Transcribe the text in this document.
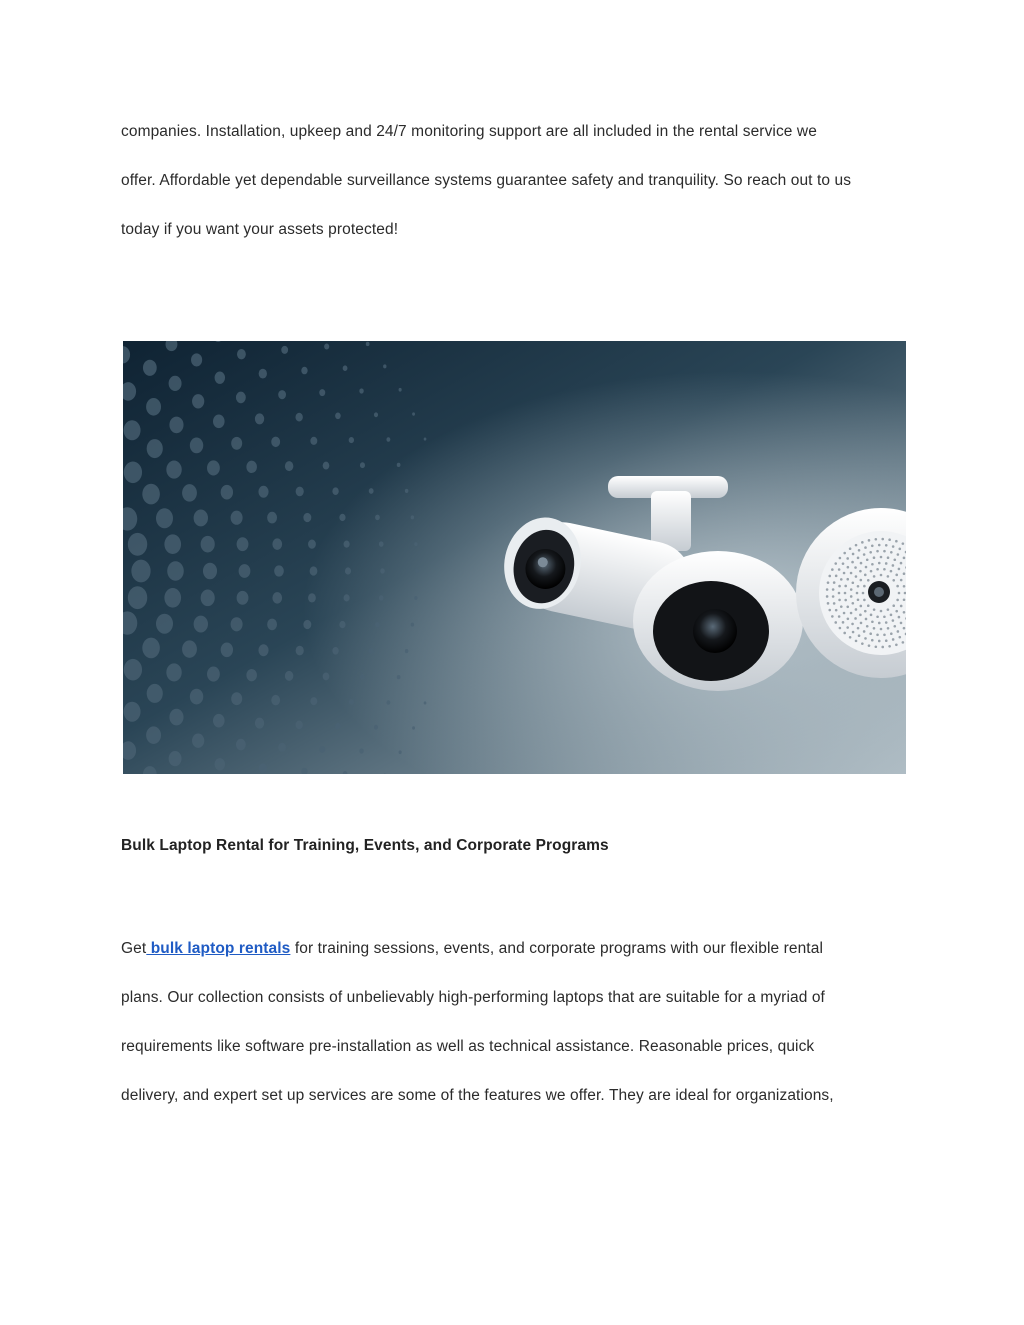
companies. Installation, upkeep and 24/7 monitoring support are all included in the rental service we
offer. Affordable yet dependable surveillance systems guarantee safety and tranquility. So reach out to us
today if you want your assets protected!
Bulk Laptop Rental for Training, Events, and Corporate Programs
Get bulk laptop rentals for training sessions, events, and corporate programs with our flexible rental
plans. Our collection consists of unbelievably high-performing laptops that are suitable for a myriad of
requirements like software pre-installation as well as technical assistance. Reasonable prices, quick
delivery, and expert set up services are some of the features we offer. They are ideal for organizations,
